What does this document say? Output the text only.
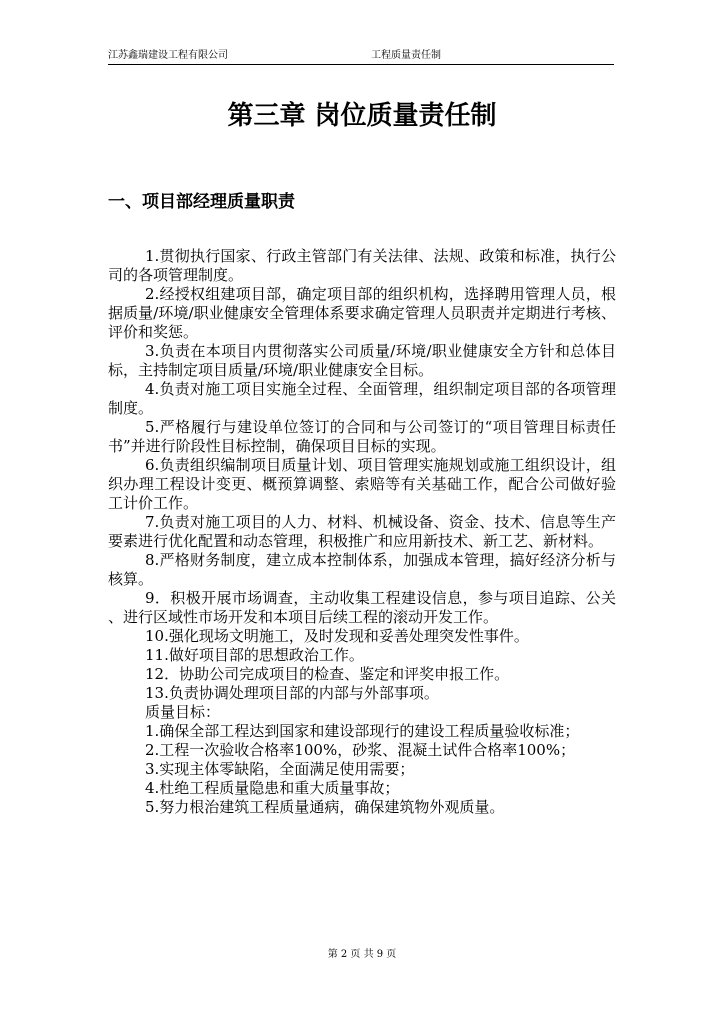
江苏鑫瑞建设工程有限公司	工程质量责任制
第三章 岗位质量责任制
一、项目部经理质量职责

1.贯彻执行国家、行政主管部门有关法律、法规、政策和标准，执行公司的各项管理制度。

2.经授权组建项目部，确定项目部的组织机构，选择聘用管理人员，根据质量/环境/职业健康安全管理体系要求确定管理人员职责并定期进行考核、评价和奖惩。

3.负责在本项目内贯彻落实公司质量/环境/职业健康安全方针和总体目标，主持制定项目质量/环境/职业健康安全目标。

4.负责对施工项目实施全过程、全面管理，组织制定项目部的各项管理制度。

5.严格履行与建设单位签订的合同和与公司签订的“项目管理目标责任书”并进行阶段性目标控制，确保项目目标的实现。

6.负责组织编制项目质量计划、项目管理实施规划或施工组织设计，组织办理工程设计变更、概预算调整、索赔等有关基础工作，配合公司做好验工计价工作。

7.负责对施工项目的人力、材料、机械设备、资金、技术、信息等生产要素进行优化配置和动态管理，积极推广和应用新技术、新工艺、新材料。

8.严格财务制度，建立成本控制体系，加强成本管理，搞好经济分析与核算。

9．积极开展市场调查，主动收集工程建设信息，参与项目追踪、公关、进行区域性市场开发和本项目后续工程的滚动开发工作。

10.强化现场文明施工，及时发现和妥善处理突发性事件。

11.做好项目部的思想政治工作。

12．协助公司完成项目的检查、鉴定和评奖申报工作。

13.负责协调处理项目部的内部与外部事项。

质量目标：

1.确保全部工程达到国家和建设部现行的建设工程质量验收标准；

2.工程一次验收合格率100%，砂浆、混凝土试件合格率100%；

3.实现主体零缺陷，全面满足使用需要；

4.杜绝工程质量隐患和重大质量事故；

5.努力根治建筑工程质量通病，确保建筑物外观质量。

第 2 页 共 9 页
